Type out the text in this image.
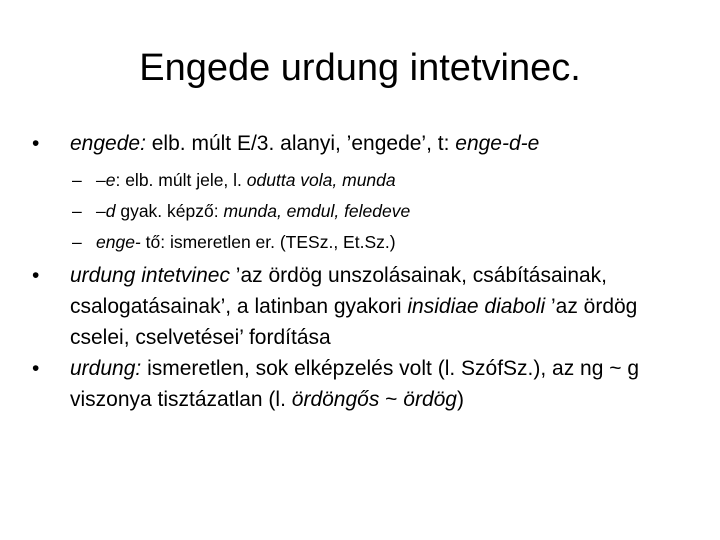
Engede urdung intetvinec.
• engede: elb. múlt E/3. alanyi, ’engede’, t: enge-d-e
– –e: elb. múlt jele, l. odutta vola, munda
– –d gyak. képző: munda, emdul, feledeve
– enge- tő: ismeretlen er. (TESz., Et.Sz.)
• urdung intetvinec ’az ördög unszolásainak, csábításainak, csalogatásainak’, a latinban gyakori insidiae diaboli ’az ördög cselei, cselvetései’ fordítása
• urdung: ismeretlen, sok elképzelés volt (l. SzófSz.), az ng ~ g viszonya tisztázatlan (l. ördöngős ~ ördög)
